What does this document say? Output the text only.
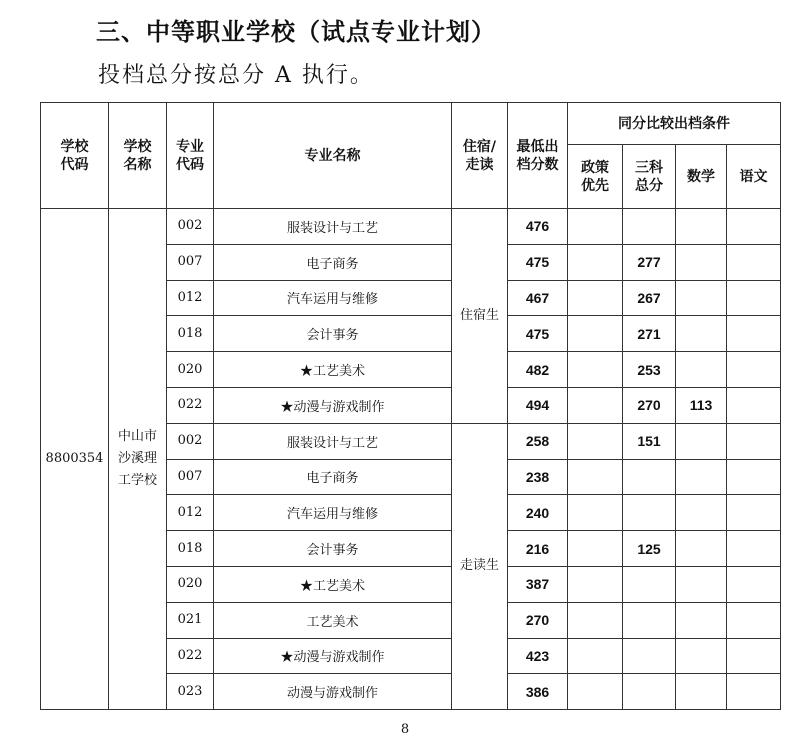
三、中等职业学校（试点专业计划）
投档总分按总分 A 执行。
学校代码	学校名称	专业代码	专业名称	住宿/走读	最低出档分数	同分比较出档条件			

						政策优先	三科总分	数学	语文
8800354	中山市沙溪理工学校	002	服装设计与工艺	住宿生	476				
		007	电子商务		475		277		
		012	汽车运用与维修		467		267		
		018	会计事务		475		271		
		020	★工艺美术		482		253		
		022	★动漫与游戏制作		494		270	113	
		002	服装设计与工艺	走读生	258		151		
		007	电子商务		238				
		012	汽车运用与维修		240				
		018	会计事务		216		125		
		020	★工艺美术		387				
		021	工艺美术		270				
		022	★动漫与游戏制作		423				
		023	动漫与游戏制作		386				
8
